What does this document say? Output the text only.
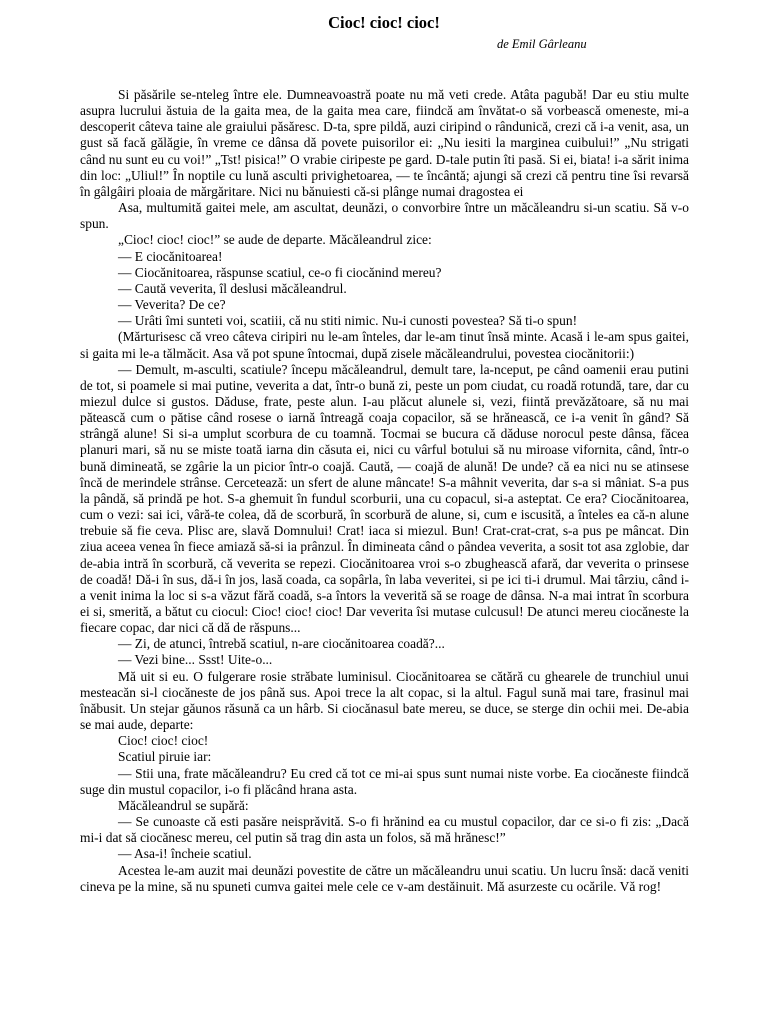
Cioc! cioc! cioc!
de Emil Gârleanu

Si păsările se-nteleg între ele. Dumneavoastră poate nu mă veti crede. Atâta pagubă! Dar eu stiu multe asupra lucrului ăstuia de la gaita mea, de la gaita mea care, fiindcă am învătat-o să vorbească omeneste, mi-a descoperit câteva taine ale graiului păsăresc. D-ta, spre pildă, auzi ciripind o rândunică, crezi că i-a venit, asa, un gust să facă gălăgie, în vreme ce dânsa dă povete puisorilor ei: „Nu iesiti la marginea cuibului!” „Nu strigati când nu sunt eu cu voi!” „Tst! pisica!” O vrabie ciripeste pe gard. D-tale putin îti pasă. Si ei, biata! i-a sărit inima din loc: „Uliul!” În noptile cu lună asculti privighetoarea, — te încântă; ajungi să crezi că pentru tine îsi revarsă în gâlgâiri ploaia de mărgăritare. Nici nu bănuiesti că-si plânge numai dragostea ei

Asa, multumită gaitei mele, am ascultat, deunăzi, o convorbire între un măcăleandru si-un scatiu. Să v-o spun.

„Cioc! cioc! cioc!” se aude de departe. Măcăleandrul zice:

— E ciocănitoarea!

— Ciocănitoarea, răspunse scatiul, ce-o fi ciocănind mereu?

— Caută veverita, îl deslusi măcăleandrul.

— Veverita? De ce?

— Urâti îmi sunteti voi, scatiii, că nu stiti nimic. Nu-i cunosti povestea? Să ti-o spun!

(Mărturisesc că vreo câteva ciripiri nu le-am înteles, dar le-am tinut însă minte. Acasă i le-am spus gaitei, si gaita mi le-a tălmăcit. Asa vă pot spune întocmai, după zisele măcăleandrului, povestea ciocănitorii:)

— Demult, m-asculti, scatiule? începu măcăleandrul, demult tare, la-nceput, pe când oamenii erau putini de tot, si poamele si mai putine, veverita a dat, într-o bună zi, peste un pom ciudat, cu roadă rotundă, tare, dar cu miezul dulce si gustos. Dăduse, frate, peste alun. I-au plăcut alunele si, vezi, fiintă prevăzătoare, să nu mai pătească cum o pătise când rosese o iarnă întreagă coaja copacilor, să se hrănească, ce i-a venit în gând? Să strângă alune! Si si-a umplut scorbura de cu toamnă. Tocmai se bucura că dăduse norocul peste dânsa, făcea planuri mari, să nu se miste toată iarna din căsuta ei, nici cu vârful botului să nu miroase vifornita, când, într-o bună dimineată, se zgârie la un picior într-o coajă. Caută, — coajă de alună! De unde? că ea nici nu se atinsese încă de merindele strânse. Cercetează: un sfert de alune mâncate! S-a mâhnit veverita, dar s-a si mâniat. S-a pus la pândă, să prindă pe hot. S-a ghemuit în fundul scorburii, una cu copacul, si-a asteptat. Ce era? Ciocănitoarea, cum o vezi: sai ici, vâră-te colea, dă de scorbură, în scorbură de alune, si, cum e iscusită, a înteles ea că-n alune trebuie să fie ceva. Plisc are, slavă Domnului! Crat! iaca si miezul. Bun! Crat-crat-crat, s-a pus pe mâncat. Din ziua aceea venea în fiece amiază să-si ia prânzul. În dimineata când o pândea veverita, a sosit tot asa zglobie, dar de-abia intră în scorbură, că veverita se repezi. Ciocănitoarea vroi s-o zbughească afară, dar veverita o prinsese de coadă! Dă-i în sus, dă-i în jos, lasă coada, ca sopârla, în laba veveritei, si pe ici ti-i drumul. Mai târziu, când i-a venit inima la loc si s-a văzut fără coadă, s-a întors la veverită să se roage de dânsa. N-a mai intrat în scorbura ei si, smerită, a bătut cu ciocul: Cioc! cioc! cioc! Dar veverita îsi mutase culcusul! De atunci mereu ciocăneste la fiecare copac, dar nici că dă de răspuns...

— Zi, de atunci, întrebă scatiul, n-are ciocănitoarea coadă?...

— Vezi bine... Ssst! Uite-o...

Mă uit si eu. O fulgerare rosie străbate luminisul. Ciocănitoarea se cătără cu ghearele de trunchiul unui mesteacăn si-l ciocăneste de jos până sus. Apoi trece la alt copac, si la altul. Fagul sună mai tare, frasinul mai înăbusit. Un stejar găunos răsună ca un hârb. Si ciocănasul bate mereu, se duce, se sterge din ochii mei. De-abia se mai aude, departe:

Cioc! cioc! cioc!

Scatiul piruie iar:

— Stii una, frate măcăleandru? Eu cred că tot ce mi-ai spus sunt numai niste vorbe. Ea ciocăneste fiindcă suge din mustul copacilor, i-o fi plăcând hrana asta.

Măcăleandrul se supără:

— Se cunoaste că esti pasăre neisprăvită. S-o fi hrănind ea cu mustul copacilor, dar ce si-o fi zis: „Dacă mi-i dat să ciocănesc mereu, cel putin să trag din asta un folos, să mă hrănesc!”

— Asa-i! încheie scatiul.

Acestea le-am auzit mai deunăzi povestite de către un măcăleandru unui scatiu. Un lucru însă: dacă veniti cineva pe la mine, să nu spuneti cumva gaitei mele cele ce v-am destăinuit. Mă asurzeste cu ocările. Vă rog!
